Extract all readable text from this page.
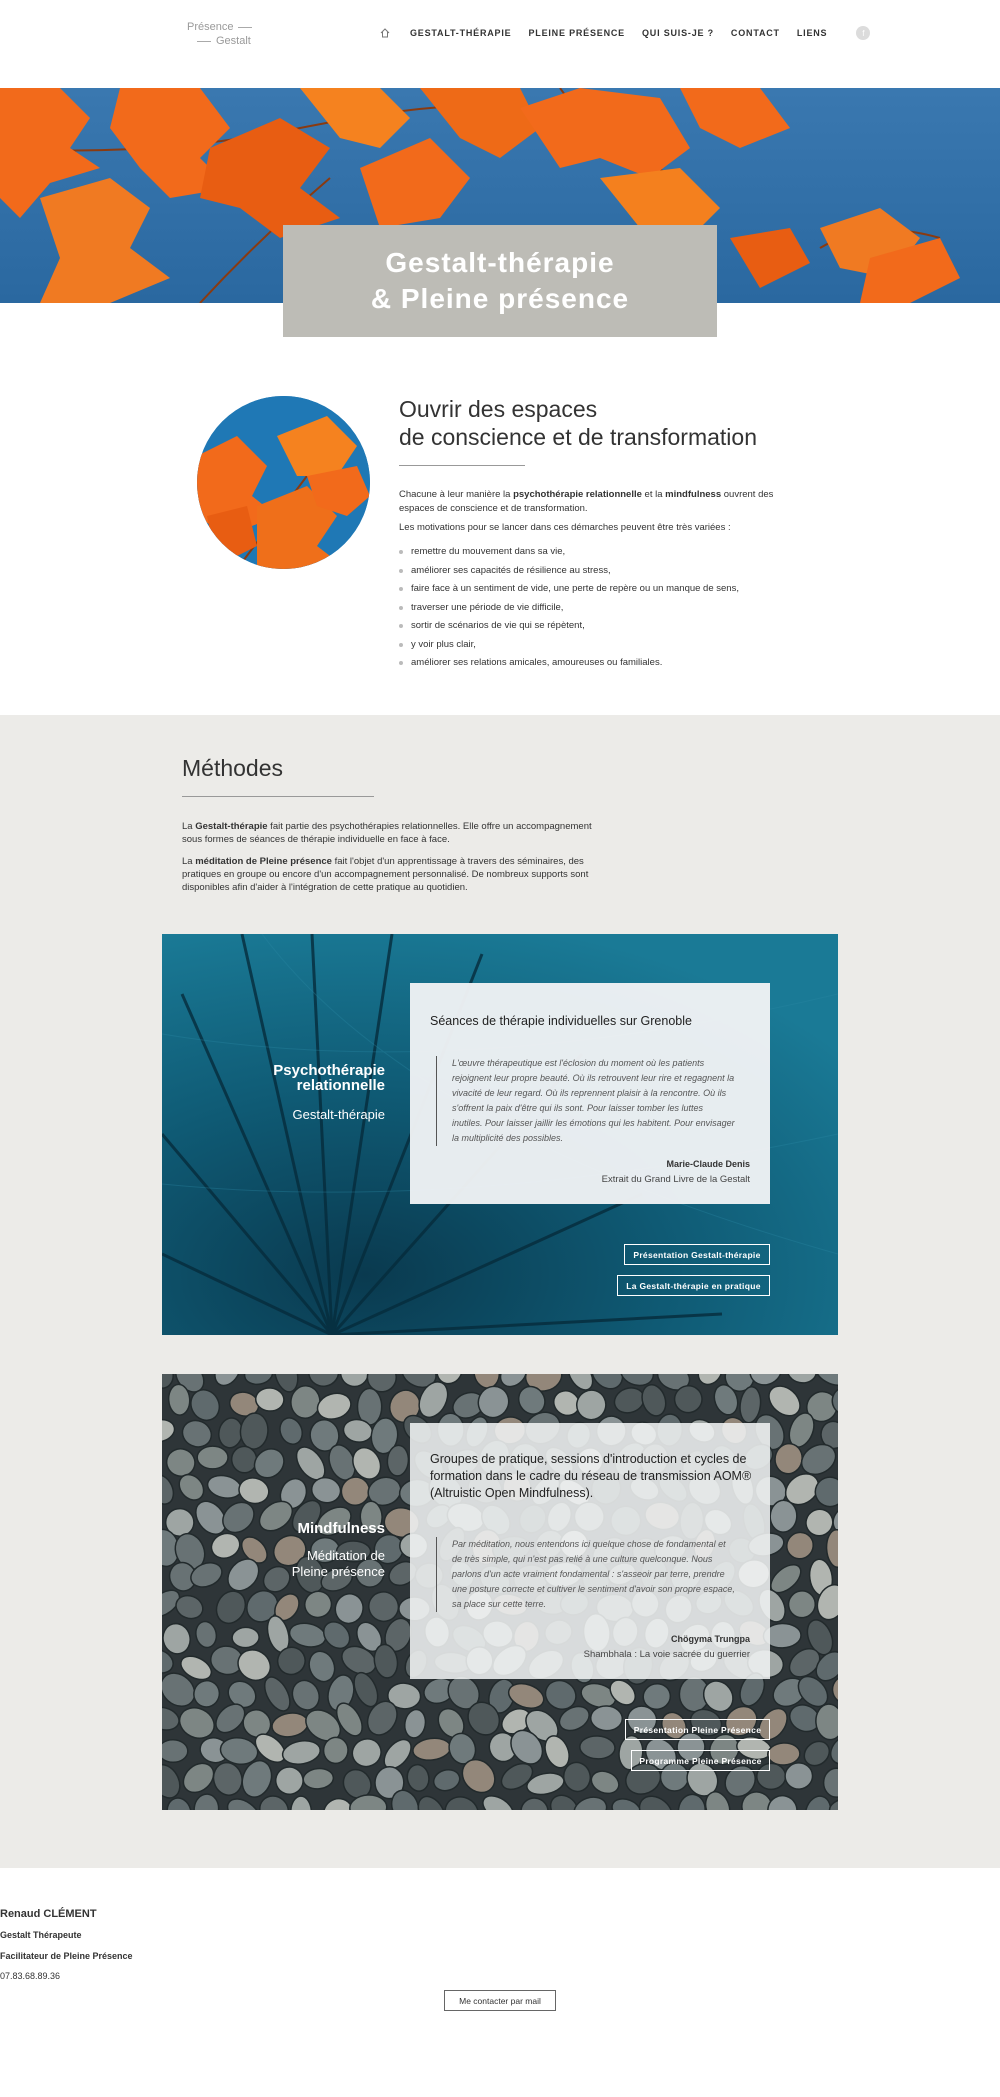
Présence
Gestalt
GESTALT-THÉRAPIE PLEINE PRÉSENCE QUI SUIS-JE ? CONTACT LIENS	f
Gestalt-thérapie
& Pleine présence
Ouvrir des espaces
de conscience et de transformation

Chacune à leur manière la psychothérapie relationnelle et la mindfulness ouvrent des espaces de conscience et de transformation.

Les motivations pour se lancer dans ces démarches peuvent être très variées :

remettre du mouvement dans sa vie,
améliorer ses capacités de résilience au stress,
faire face à un sentiment de vide, une perte de repère ou un manque de sens,
traverser une période de vie difficile,
sortir de scénarios de vie qui se répètent,
y voir plus clair,
améliorer ses relations amicales, amoureuses ou familiales.
Méthodes

La Gestalt-thérapie fait partie des psychothérapies relationnelles. Elle offre un accompagnement sous formes de séances de thérapie individuelle en face à face.

La méditation de Pleine présence fait l'objet d'un apprentissage à travers des séminaires, des pratiques en groupe ou encore d'un accompagnement personnalisé. De nombreux supports sont disponibles afin d'aider à l'intégration de cette pratique au quotidien.

Psychothérapie
relationnelle
Gestalt-thérapie
Séances de thérapie individuelles sur Grenoble
L'œuvre thérapeutique est l'éclosion du moment où les patients rejoignent leur propre beauté. Où ils retrouvent leur rire et regagnent la vivacité de leur regard. Où ils reprennent plaisir à la rencontre. Où ils s'offrent la paix d'être qui ils sont. Pour laisser tomber les luttes inutiles. Pour laisser jaillir les émotions qui les habitent. Pour envisager la multiplicité des possibles.
Marie-Claude Denis
Extrait du Grand Livre de la Gestalt
Présentation Gestalt-thérapie
La Gestalt-thérapie en pratique
Mindfulness
Méditation de
Pleine présence
Groupes de pratique, sessions d'introduction et cycles de formation dans le cadre du réseau de transmission AOM® (Altruistic Open Mindfulness).
Par méditation, nous entendons ici quelque chose de fondamental et de très simple, qui n'est pas relié à une culture quelconque. Nous parlons d'un acte vraiment fondamental : s'asseoir par terre, prendre une posture correcte et cultiver le sentiment d'avoir son propre espace, sa place sur cette terre.
Chögyma Trungpa
Shambhala : La voie sacrée du guerrier
Présentation Pleine Présence
Programme Pleine Présence
Renaud CLÉMENT
Gestalt Thérapeute
Facilitateur de Pleine Présence
07.83.68.89.36
Me contacter par mail
